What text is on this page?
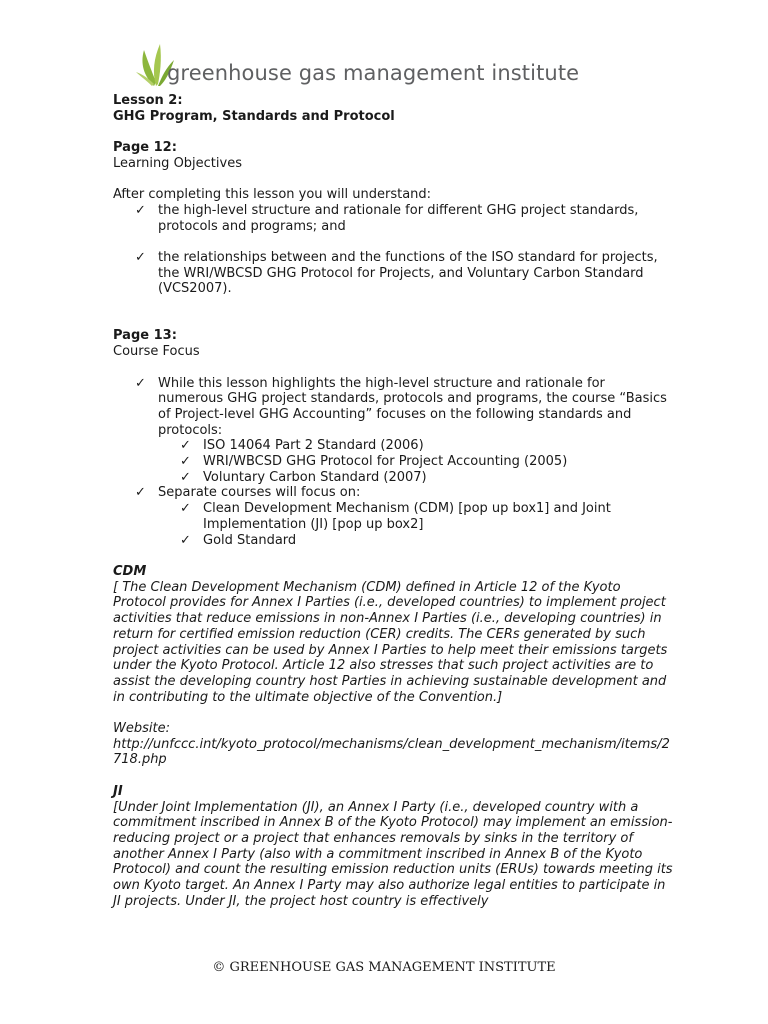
greenhouse gas management institute
Lesson 2:
GHG Program, Standards and Protocol
Page 12:
Learning Objectives
After completing this lesson you will understand:
✓ the high-level structure and rationale for different GHG project standards, protocols and programs; and
✓ the relationships between and the functions of the ISO standard for projects, the WRI/WBCSD GHG Protocol for Projects, and Voluntary Carbon Standard (VCS2007).
Page 13:
Course Focus
✓ While this lesson highlights the high-level structure and rationale for numerous GHG project standards, protocols and programs, the course “Basics of Project-level GHG Accounting” focuses on the following standards and protocols:
✓ ISO 14064 Part 2 Standard (2006)
✓ WRI/WBCSD GHG Protocol for Project Accounting (2005)
✓ Voluntary Carbon Standard (2007)
✓ Separate courses will focus on:
✓ Clean Development Mechanism (CDM) [pop up box1] and Joint Implementation (JI) [pop up box2]
✓ Gold Standard
CDM
[ The Clean Development Mechanism (CDM) defined in Article 12 of the Kyoto Protocol provides for Annex I Parties (i.e., developed countries) to implement project activities that reduce emissions in non-Annex I Parties (i.e., developing countries) in return for certified emission reduction (CER) credits. The CERs generated by such project activities can be used by Annex I Parties to help meet their emissions targets under the Kyoto Protocol. Article 12 also stresses that such project activities are to assist the developing country host Parties in achieving sustainable development and in contributing to the ultimate objective of the Convention.]
Website:
http://unfccc.int/kyoto_protocol/mechanisms/clean_development_mechanism/items/2718.php
JI
[Under Joint Implementation (JI), an Annex I Party (i.e., developed country with a commitment inscribed in Annex B of the Kyoto Protocol) may implement an emission-reducing project or a project that enhances removals by sinks in the territory of another Annex I Party (also with a commitment inscribed in Annex B of the Kyoto Protocol) and count the resulting emission reduction units (ERUs) towards meeting its own Kyoto target. An Annex I Party may also authorize legal entities to participate in JI projects. Under JI, the project host country is effectively
© GREENHOUSE GAS MANAGEMENT INSTITUTE
